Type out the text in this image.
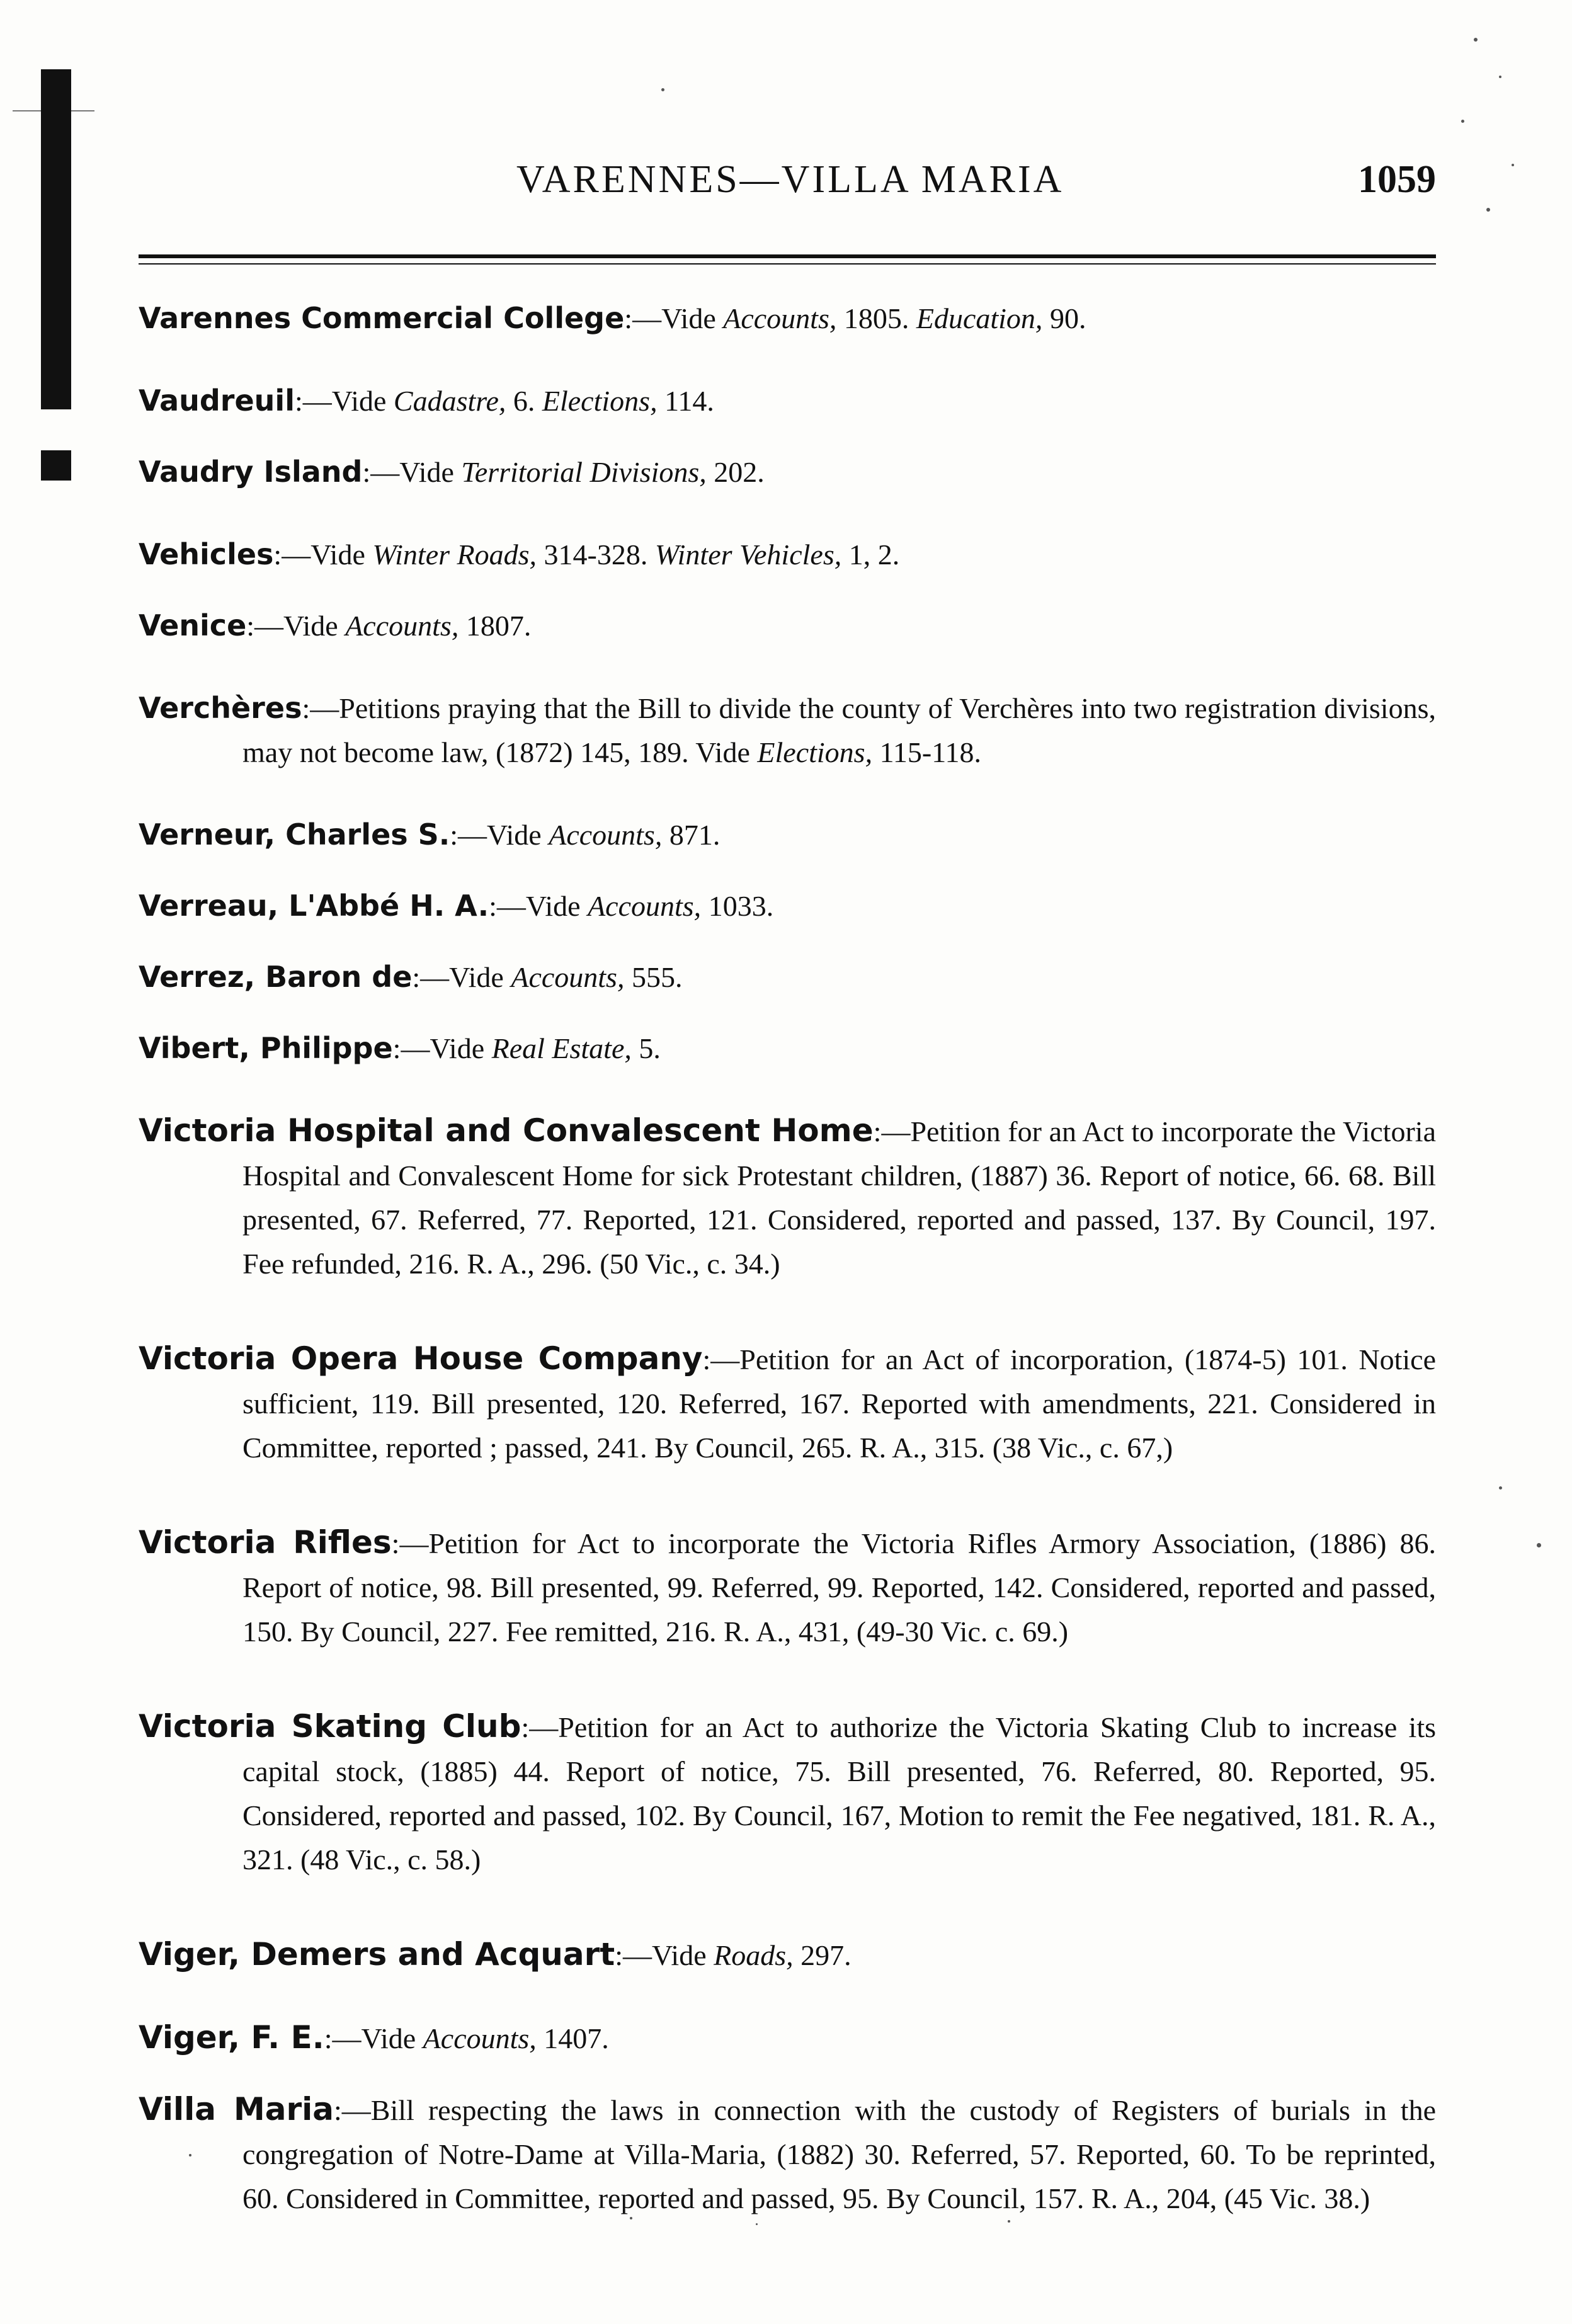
VARENNES—VILLA MARIA	1059

Varennes Commercial College:—Vide Accounts, 1805. Education, 90.

Vaudreuil:—Vide Cadastre, 6. Elections, 114.

Vaudry Island:—Vide Territorial Divisions, 202.

Vehicles:—Vide Winter Roads, 314-328. Winter Vehicles, 1, 2.

Venice:—Vide Accounts, 1807.

Verchères:—Petitions praying that the Bill to divide the county of Verchères into two registration divisions, may not become law, (1872) 145, 189. Vide Elections, 115-118.

Verneur, Charles S.:—Vide Accounts, 871.

Verreau, L'Abbé H. A.:—Vide Accounts, 1033.

Verrez, Baron de:—Vide Accounts, 555.

Vibert, Philippe:—Vide Real Estate, 5.

Victoria Hospital and Convalescent Home:—Petition for an Act to incorporate the Victoria Hospital and Convalescent Home for sick Protestant children, (1887) 36. Report of notice, 66. 68. Bill presented, 67. Referred, 77. Reported, 121. Considered, reported and passed, 137. By Council, 197. Fee refunded, 216. R. A., 296. (50 Vic., c. 34.)

Victoria Opera House Company:—Petition for an Act of incorporation, (1874-5) 101. Notice sufficient, 119. Bill presented, 120. Referred, 167. Reported with amendments, 221. Considered in Committee, reported ; passed, 241. By Council, 265. R. A., 315. (38 Vic., c. 67,)

Victoria Rifles:—Petition for Act to incorporate the Victoria Rifles Armory Association, (1886) 86. Report of notice, 98. Bill presented, 99. Referred, 99. Reported, 142. Considered, reported and passed, 150. By Council, 227. Fee remitted, 216. R. A., 431, (49-30 Vic. c. 69.)

Victoria Skating Club:—Petition for an Act to authorize the Victoria Skating Club to increase its capital stock, (1885) 44. Report of notice, 75. Bill presented, 76. Referred, 80. Reported, 95. Considered, reported and passed, 102. By Council, 167, Motion to remit the Fee negatived, 181. R. A., 321. (48 Vic., c. 58.)

Viger, Demers and Acquart:—Vide Roads, 297.

Viger, F. E.:—Vide Accounts, 1407.

Villa Maria:—Bill respecting the laws in connection with the custody of Registers of burials in the congregation of Notre-Dame at Villa-Maria, (1882) 30. Referred, 57. Reported, 60. To be reprinted, 60. Considered in Committee, reported and passed, 95. By Council, 157. R. A., 204, (45 Vic. 38.)
